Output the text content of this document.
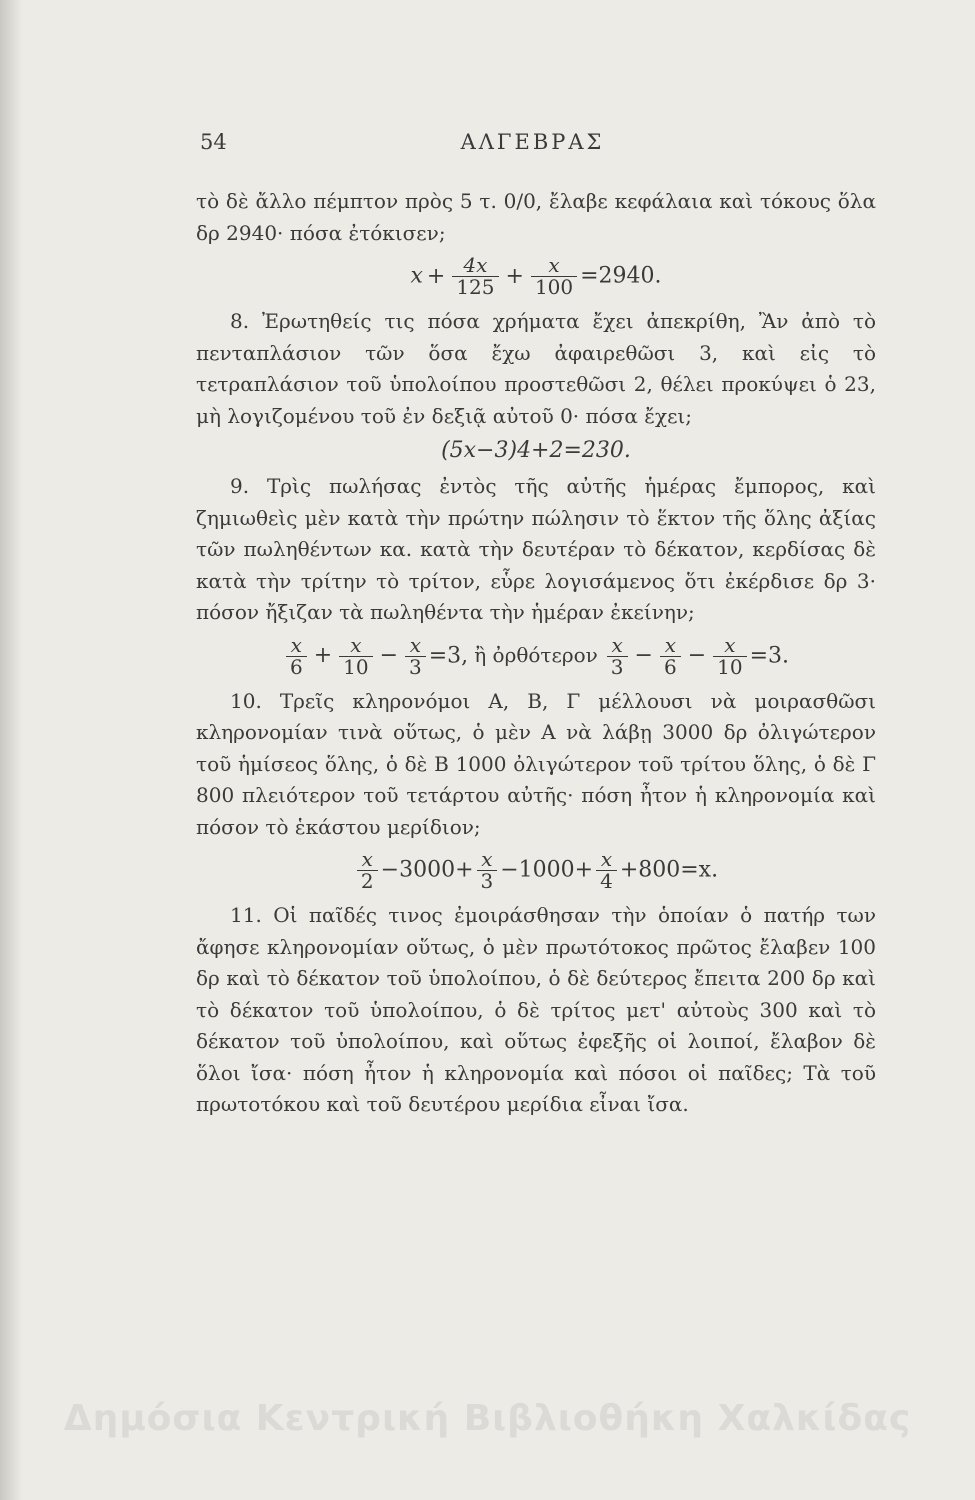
54	ΑΛΓΕΒΡΑΣ

τὸ δὲ ἄλλο πέμπτον πρὸς 5 τ. 0/0, ἔλαβε κεφάλαια καὶ τόκους ὅλα δρ 2940· πόσα ἐτόκισεν;

$x + \frac{4x}{125} + \frac{x}{100} =2940$.

8. Ἐρωτηθείς τις πόσα χρήματα ἔχει ἀπεκρίθη, Ἂν ἀπὸ τὸ πενταπλάσιον τῶν ὅσα ἔχω ἀφαιρεθῶσι 3, καὶ εἰς τὸ τετραπλάσιον τοῦ ὑπολοίπου προστεθῶσι 2, θέλει προκύψει ὁ 23, μὴ λογιζομένου τοῦ ἐν δεξιᾷ αὐτοῦ 0· πόσα ἔχει;

(5x−3)4+2=230.

9. Τρὶς πωλήσας ἐντὸς τῆς αὐτῆς ἡμέρας ἔμπορος, καὶ ζημιωθεὶς μὲν κατὰ τὴν πρώτην πώλησιν τὸ ἕκτον τῆς ὅλης ἀξίας τῶν πωληθέντων κα. κατὰ τὴν δευτέραν τὸ δέκατον, κερδίσας δὲ κατὰ τὴν τρίτην τὸ τρίτον, εὗρε λογισάμενος ὅτι ἐκέρδισε δρ 3· πόσον ἤξιζαν τὰ πωληθέντα τὴν ἡμέραν ἐκείνην;

$\frac{x}{6} + \frac{x}{10} - \frac{x}{3} =3$, ἢ ὀρθότερον $\frac{x}{3} - \frac{x}{6} - \frac{x}{10} =3$.

10. Τρεῖς κληρονόμοι Α, Β, Γ μέλλουσι νὰ μοιρασθῶσι κληρονομίαν τινὰ οὕτως, ὁ μὲν Α νὰ λάβῃ 3000 δρ ὀλιγώτερον τοῦ ἡμίσεος ὅλης, ὁ δὲ Β 1000 ὀλιγώτερον τοῦ τρίτου ὅλης, ὁ δὲ Γ 800 πλειότερον τοῦ τετάρτου αὐτῆς· πόση ἦτον ἡ κληρονομία καὶ πόσον τὸ ἑκάστου μερίδιον;

$\frac{x}{2} -3000+ \frac{x}{3} -1000+ \frac{x}{4} +800=x$.

11. Οἱ παῖδές τινος ἐμοιράσθησαν τὴν ὁποίαν ὁ πατήρ των ἄφησε κληρονομίαν οὕτως, ὁ μὲν πρωτότοκος πρῶτος ἔλαβεν 100 δρ καὶ τὸ δέκατον τοῦ ὑπολοίπου, ὁ δὲ δεύτερος ἔπειτα 200 δρ καὶ τὸ δέκατον τοῦ ὑπολοίπου, ὁ δὲ τρίτος μετ' αὐτοὺς 300 καὶ τὸ δέκατον τοῦ ὑπολοίπου, καὶ οὕτως ἐφεξῆς οἱ λοιποί, ἔλαβον δὲ ὅλοι ἴσα· πόση ἦτον ἡ κληρονομία καὶ πόσοι οἱ παῖδες; Τὰ τοῦ πρωτοτόκου καὶ τοῦ δευτέρου μερίδια εἶναι ἴσα.

Δημόσια Κεντρική Βιβλιοθήκη Χαλκίδας
